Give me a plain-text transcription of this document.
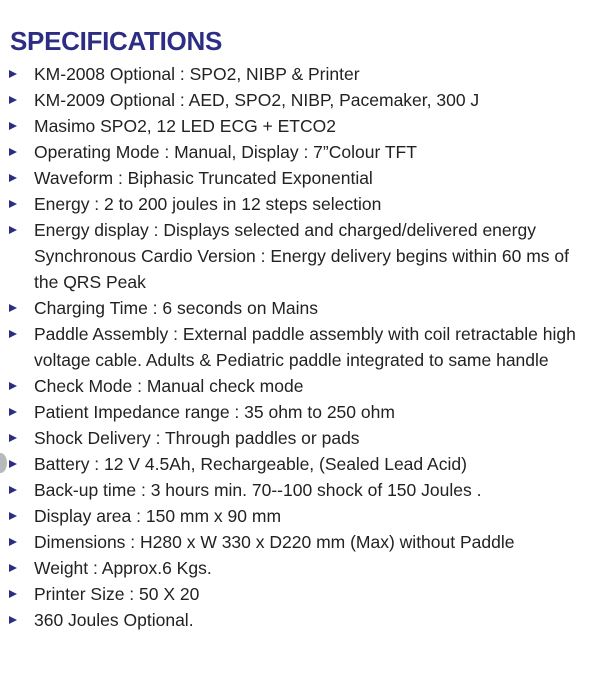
SPECIFICATIONS
KM-2008 Optional : SPO2, NIBP & Printer
KM-2009 Optional : AED, SPO2, NIBP, Pacemaker, 300 J
Masimo SPO2, 12 LED ECG + ETCO2
Operating Mode : Manual, Display : 7”Colour TFT
Waveform : Biphasic Truncated Exponential
Energy : 2 to 200 joules in 12 steps selection
Energy display : Displays selected and charged/delivered energy Synchronous Cardio Version : Energy delivery begins within 60 ms of the QRS Peak
Charging Time : 6 seconds on Mains
Paddle Assembly : External paddle assembly with coil retractable high voltage cable. Adults & Pediatric paddle integrated to same handle
Check Mode : Manual check mode
Patient Impedance range : 35 ohm to 250 ohm
Shock Delivery : Through paddles or pads
Battery : 12 V 4.5Ah, Rechargeable, (Sealed Lead Acid)
Back-up time : 3 hours min. 70--100 shock of 150 Joules .
Display area : 150 mm x 90 mm
Dimensions : H280 x W 330 x D220 mm (Max) without Paddle
Weight : Approx.6 Kgs.
Printer Size : 50 X 20
360 Joules Optional.
